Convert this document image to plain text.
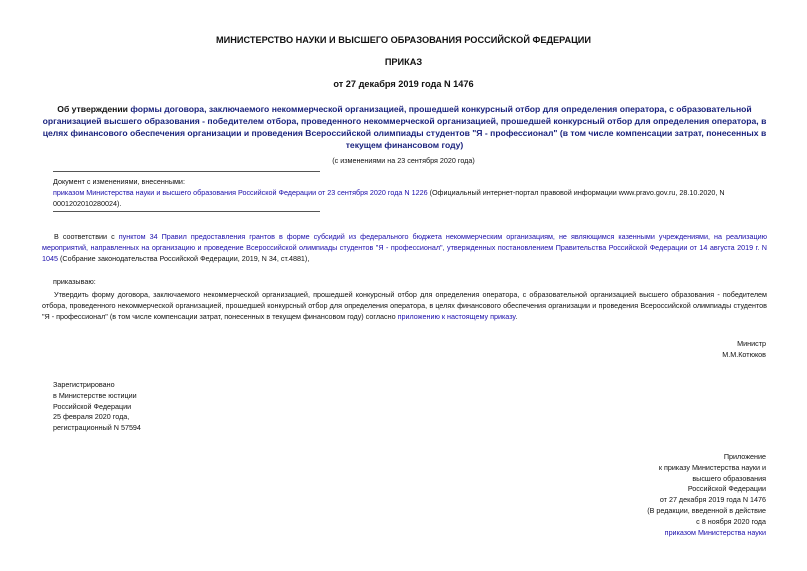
МИНИСТЕРСТВО НАУКИ И ВЫСШЕГО ОБРАЗОВАНИЯ РОССИЙСКОЙ ФЕДЕРАЦИИ
ПРИКАЗ
от 27 декабря 2019 года N 1476
Об утверждении формы договора, заключаемого некоммерческой организацией, прошедшей конкурсный отбор для определения оператора, с образовательной организацией высшего образования - победителем отбора, проведенного некоммерческой организацией, прошедшей конкурсный отбор для определения оператора, в целях финансового обеспечения организации и проведения Всероссийской олимпиады студентов "Я - профессионал" (в том числе компенсации затрат, понесенных в текущем финансовом году)
(с изменениями на 23 сентября 2020 года)

Документ с изменениями, внесенными:

приказом Министерства науки и высшего образования Российской Федерации от 23 сентября 2020 года N 1226 (Официальный интернет-портал правовой информации www.pravo.gov.ru, 28.10.2020, N 0001202010280024).

В соответствии с пунктом 34 Правил предоставления грантов в форме субсидий из федерального бюджета некоммерческим организациям, не являющимся казенными учреждениями, на реализацию мероприятий, направленных на организацию и проведение Всероссийской олимпиады студентов "Я - профессионал", утвержденных постановлением Правительства Российской Федерации от 14 августа 2019 г. N 1045 (Собрание законодательства Российской Федерации, 2019, N 34, ст.4881),
приказываю:
Утвердить форму договора, заключаемого некоммерческой организацией, прошедшей конкурсный отбор для определения оператора, с образовательной организацией высшего образования - победителем отбора, проведенного некоммерческой организацией, прошедшей конкурсный отбор для определения оператора, в целях финансового обеспечения организации и проведения Всероссийской олимпиады студентов "Я - профессионал" (в том числе компенсации затрат, понесенных в текущем финансовом году) согласно приложению к настоящему приказу.
Министр
М.М.Котюков
Зарегистрировано
в Министерстве юстиции
Российской Федерации
25 февраля 2020 года,
регистрационный N 57594
Приложение
к приказу Министерства науки и
высшего образования
Российской Федерации
от 27 декабря 2019 года N 1476
(В редакции, введенной в действие
с 8 ноября 2020 года
приказом Министерства науки
